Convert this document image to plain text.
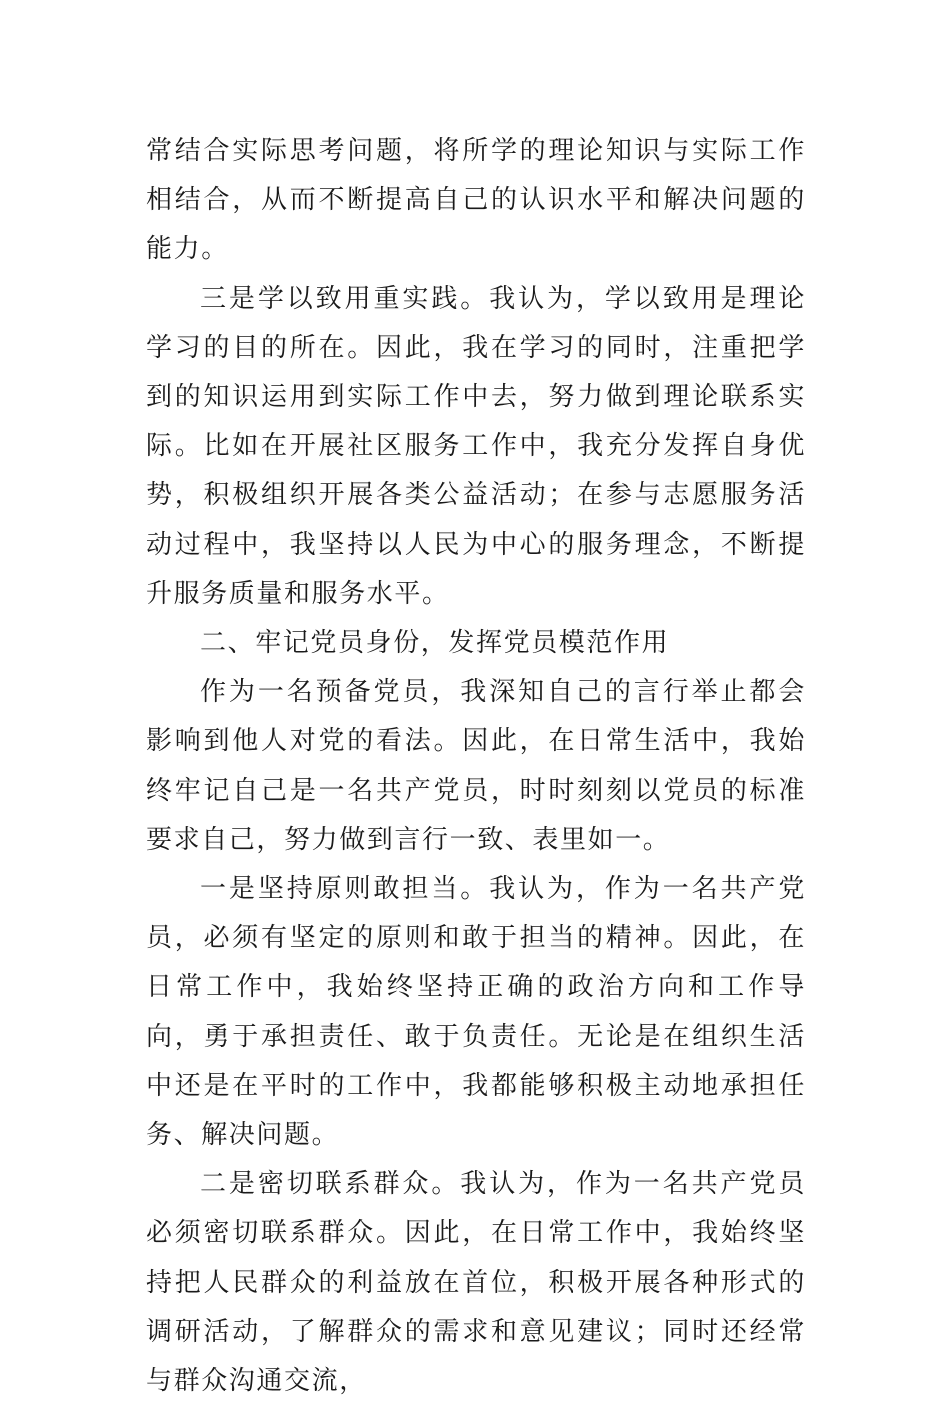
常结合实际思考问题，将所学的理论知识与实际工作相结合，从而不断提高自己的认识水平和解决问题的能力。

三是学以致用重实践。我认为，学以致用是理论学习的目的所在。因此，我在学习的同时，注重把学到的知识运用到实际工作中去，努力做到理论联系实际。比如在开展社区服务工作中，我充分发挥自身优势，积极组织开展各类公益活动；在参与志愿服务活动过程中，我坚持以人民为中心的服务理念，不断提升服务质量和服务水平。

二、牢记党员身份，发挥党员模范作用

作为一名预备党员，我深知自己的言行举止都会影响到他人对党的看法。因此，在日常生活中，我始终牢记自己是一名共产党员，时时刻刻以党员的标准要求自己，努力做到言行一致、表里如一。

一是坚持原则敢担当。我认为，作为一名共产党员，必须有坚定的原则和敢于担当的精神。因此，在日常工作中，我始终坚持正确的政治方向和工作导向，勇于承担责任、敢于负责任。无论是在组织生活中还是在平时的工作中，我都能够积极主动地承担任务、解决问题。

二是密切联系群众。我认为，作为一名共产党员必须密切联系群众。因此，在日常工作中，我始终坚持把人民群众的利益放在首位，积极开展各种形式的调研活动，了解群众的需求和意见建议；同时还经常与群众沟通交流，
